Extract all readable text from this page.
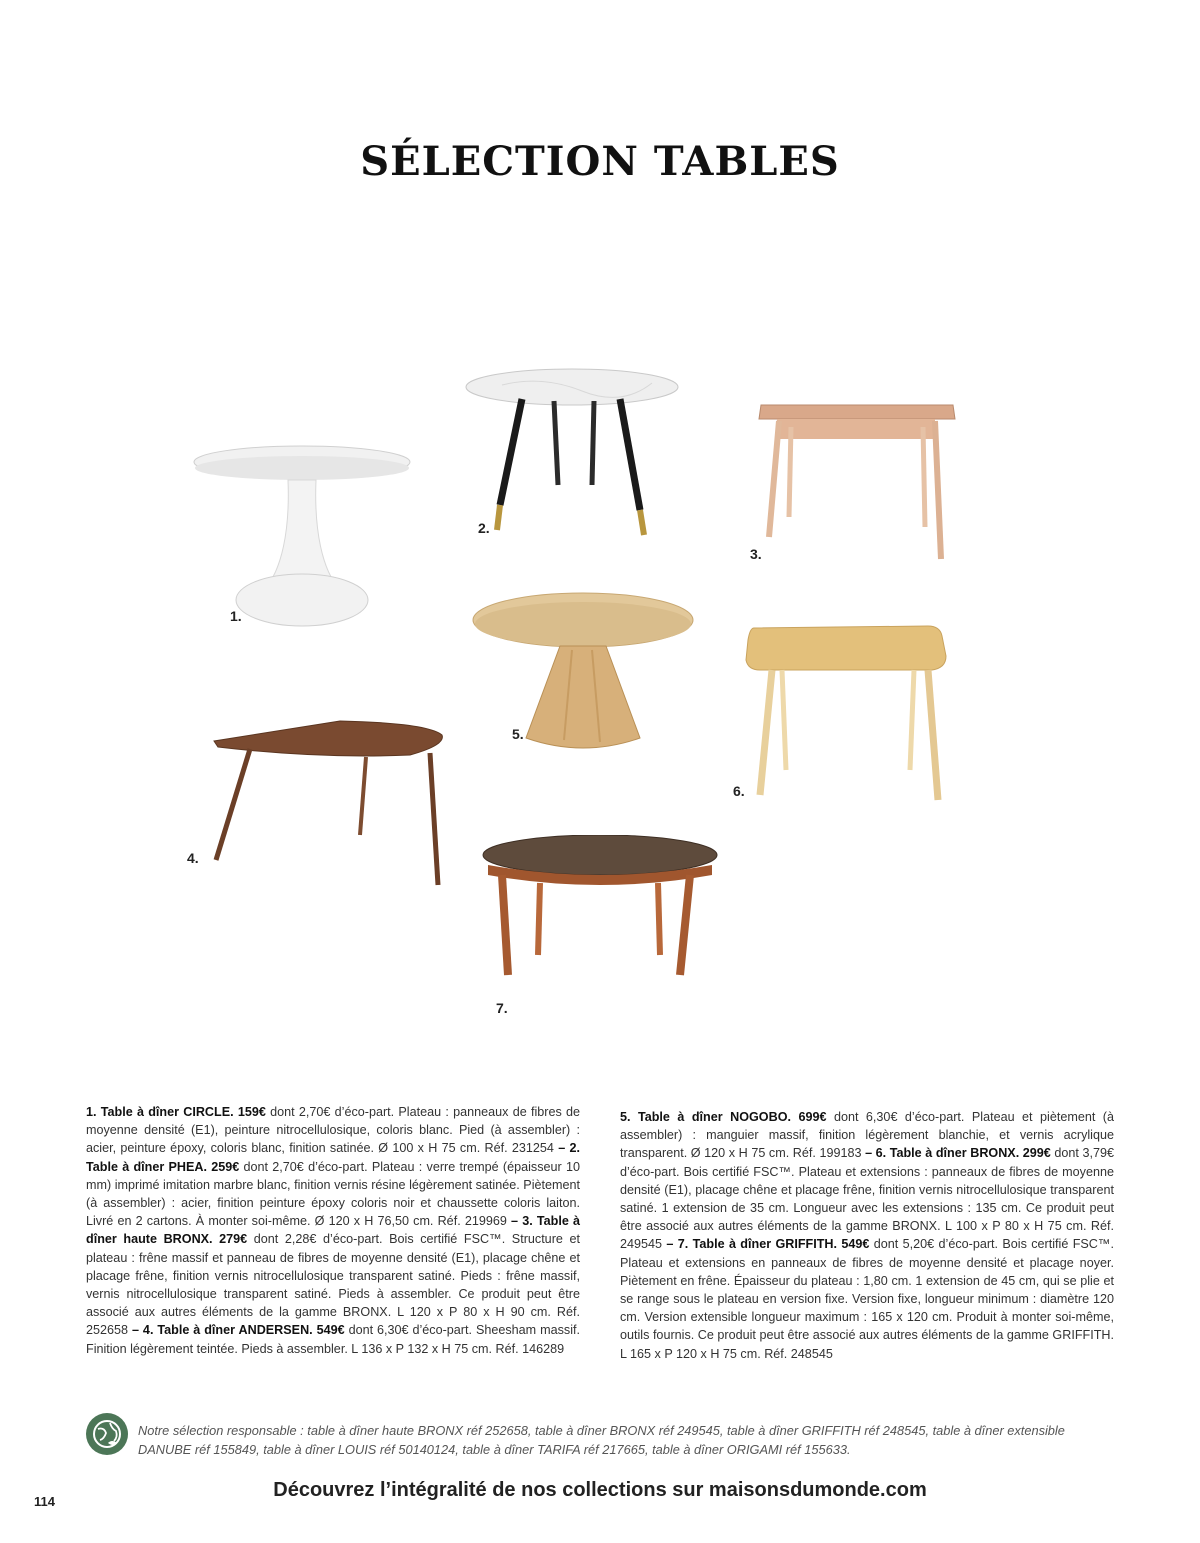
SÉLECTION TABLES
1.
2.
3.
5.
6.
4.
7.
1. Table à dîner CIRCLE. 159€ dont 2,70€ d’éco-part. Plateau : panneaux de fibres de moyenne densité (E1), peinture nitrocellulosique, coloris blanc. Pied (à assembler) : acier, peinture époxy, coloris blanc, finition satinée. Ø 100 x H 75 cm. Réf. 231254 – 2. Table à dîner PHEA. 259€ dont 2,70€ d’éco-part. Plateau : verre trempé (épaisseur 10 mm) imprimé imitation marbre blanc, finition vernis résine légèrement satinée. Piètement (à assembler) : acier, finition peinture époxy coloris noir et chaussette coloris laiton. Livré en 2 cartons. À monter soi-même. Ø 120 x H 76,50 cm. Réf. 219969 – 3. Table à dîner haute BRONX. 279€ dont 2,28€ d’éco-part. Bois certifié FSC™. Structure et plateau : frêne massif et panneau de fibres de moyenne densité (E1), placage chêne et placage frêne, finition vernis nitrocellulosique transparent satiné. Pieds : frêne massif, vernis nitrocellulosique transparent satiné. Pieds à assembler. Ce produit peut être associé aux autres éléments de la gamme BRONX. L 120 x P 80 x H 90 cm. Réf. 252658 – 4. Table à dîner ANDERSEN. 549€ dont 6,30€ d’éco-part. Sheesham massif. Finition légèrement teintée. Pieds à assembler. L 136 x P 132 x H 75 cm. Réf. 146289
5. Table à dîner NOGOBO. 699€ dont 6,30€ d’éco-part. Plateau et piètement (à assembler) : manguier massif, finition légèrement blanchie, et vernis acrylique transparent. Ø 120 x H 75 cm. Réf. 199183 – 6. Table à dîner BRONX. 299€ dont 3,79€ d’éco-part. Bois certifié FSC™. Plateau et extensions : panneaux de fibres de moyenne densité (E1), placage chêne et placage frêne, finition vernis nitrocellulosique transparent satiné. 1 extension de 35 cm. Longueur avec les extensions : 135 cm. Ce produit peut être associé aux autres éléments de la gamme BRONX. L 100 x P 80 x H 75 cm. Réf. 249545 – 7. Table à dîner GRIFFITH. 549€ dont 5,20€ d’éco-part. Bois certifié FSC™. Plateau et extensions en panneaux de fibres de moyenne densité et placage noyer. Piètement en frêne. Épaisseur du plateau : 1,80 cm. 1 extension de 45 cm, qui se plie et se range sous le plateau en version fixe. Version fixe, longueur minimum : diamètre 120 cm. Version extensible longueur maximum : 165 x 120 cm. Produit à monter soi-même, outils fournis. Ce produit peut être associé aux autres éléments de la gamme GRIFFITH. L 165 x P 120 x H 75 cm. Réf. 248545
Notre sélection responsable : table à dîner haute BRONX réf 252658, table à dîner BRONX réf 249545, table à dîner GRIFFITH réf 248545, table à dîner extensible DANUBE réf 155849, table à dîner LOUIS réf 50140124, table à dîner TARIFA réf 217665, table à dîner ORIGAMI réf 155633.
114
Découvrez l’intégralité de nos collections sur maisonsdumonde.com
